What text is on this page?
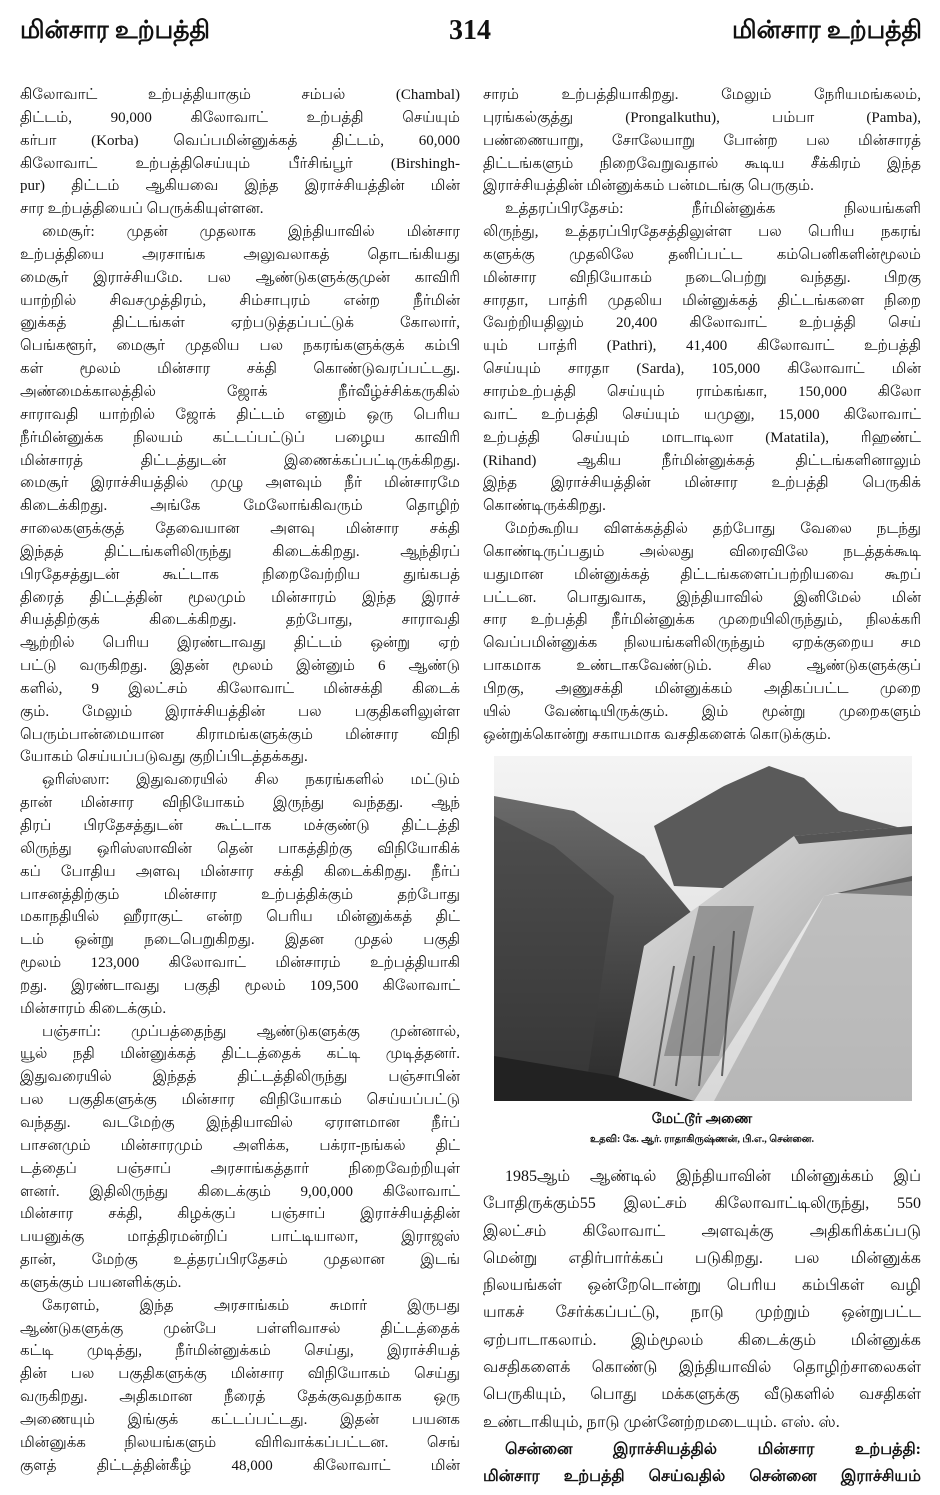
மின்சார உற்பத்தி	314	மின்சார உற்பத்தி
கிலோவாட் உற்பத்தியாகும் சம்பல் (Chambal)
திட்டம், 90,000 கிலோவாட் உற்பத்தி செய்யும்
கர்பா (Korba) வெப்பமின்னுக்கத் திட்டம், 60,000
கிலோவாட் உற்பத்திசெய்யும் பீர்சிங்பூர் (Birshingh-
pur) திட்டம் ஆகியவை இந்த இராச்சியத்தின் மின்
சார உற்பத்தியைப் பெருக்கியுள்ளன.
மைசூர்: முதன் முதலாக இந்தியாவில் மின்சார
உற்பத்தியை அரசாங்க அலுவலாகத் தொடங்கியது
மைசூர் இராச்சியமே. பல ஆண்டுகளுக்குமுன் காவிரி
யாற்றில் சிவசமுத்திரம், சிம்சாபுரம் என்ற நீர்மின்
னுக்கத் திட்டங்கள் ஏற்படுத்தப்பட்டுக் கோலார்,
பெங்களூர், மைசூர் முதலிய பல நகரங்களுக்குக் கம்பி
கள் மூலம் மின்சார சக்தி கொண்டுவரப்பட்டது.
அண்மைக்காலத்தில் ஜோக் நீர்வீழ்ச்சிக்கருகில்
சாராவதி யாற்றில் ஜோக் திட்டம் எனும் ஒரு பெரிய
நீர்மின்னுக்க நிலயம் கட்டப்பட்டுப் பழைய காவிரி
மின்சாரத் திட்டத்துடன் இணைக்கப்பட்டிருக்கிறது.
மைசூர் இராச்சியத்தில் முழு அளவும் நீர் மின்சாரமே
கிடைக்கிறது. அங்கே மேலோங்கிவரும் தொழிற்
சாலைகளுக்குத் தேவையான அளவு மின்சார சக்தி
இந்தத் திட்டங்களிலிருந்து கிடைக்கிறது. ஆந்திரப்
பிரதேசத்துடன் கூட்டாக நிறைவேற்றிய துங்கபத்
திரைத் திட்டத்தின் மூலமும் மின்சாரம் இந்த இராச்
சியத்திற்குக் கிடைக்கிறது. தற்போது, சாராவதி
ஆற்றில் பெரிய இரண்டாவது திட்டம் ஒன்று ஏற்
பட்டு வருகிறது. இதன் மூலம் இன்னும் 6 ஆண்டு
களில், 9 இலட்சம் கிலோவாட் மின்சக்தி கிடைக்
கும். மேலும் இராச்சியத்தின் பல பகுதிகளிலுள்ள
பெரும்பான்மையான கிராமங்களுக்கும் மின்சார விநி
யோகம் செய்யப்படுவது குறிப்பிடத்தக்கது.
ஒரிஸ்ஸா: இதுவரையில் சில நகரங்களில் மட்டும்
தான் மின்சார விநியோகம் இருந்து வந்தது. ஆந்
திரப் பிரதேசத்துடன் கூட்டாக மச்குண்டு திட்டத்தி
லிருந்து ஒரிஸ்ஸாவின் தென் பாகத்திற்கு விநியோகிக்
கப் போதிய அளவு மின்சார சக்தி கிடைக்கிறது. நீர்ப்
பாசனத்திற்கும் மின்சார உற்பத்திக்கும் தற்போது
மகாநதியில் ஹீராகுட் என்ற பெரிய மின்னுக்கத் திட்
டம் ஒன்று நடைபெறுகிறது. இதன முதல் பகுதி
மூலம் 123,000 கிலோவாட் மின்சாரம் உற்பத்தியாகி
றது. இரண்டாவது பகுதி மூலம் 109,500 கிலோவாட்
மின்சாரம் கிடைக்கும்.
பஞ்சாப்: முப்பத்தைந்து ஆண்டுகளுக்கு முன்னால்,
யூல் நதி மின்னுக்கத் திட்டத்தைக் கட்டி முடித்தனர்.
இதுவரையில் இந்தத் திட்டத்திலிருந்து பஞ்சாபின்
பல பகுதிகளுக்கு மின்சார விநியோகம் செய்யப்பட்டு
வந்தது. வடமேற்கு இந்தியாவில் ஏராளமான நீர்ப்
பாசனமும் மின்சாரமும் அளிக்க, பக்ரா-நங்கல் திட்
டத்தைப் பஞ்சாப் அரசாங்கத்தார் நிறைவேற்றியுள்
ளனர். இதிலிருந்து கிடைக்கும் 9,00,000 கிலோவாட்
மின்சார சக்தி, கிழக்குப் பஞ்சாப் இராச்சியத்தின்
பயனுக்கு மாத்திரமன்றிப் பாட்டியாலா, இராஜஸ்
தான், மேற்கு உத்தரப்பிரதேசம் முதலான இடங்
களுக்கும் பயனளிக்கும்.
கேரளம், இந்த அரசாங்கம் சுமார் இருபது
ஆண்டுகளுக்கு முன்பே பள்ளிவாசல் திட்டத்தைக்
கட்டி முடித்து, நீர்மின்னுக்கம் செய்து, இராச்சியத்
தின் பல பகுதிகளுக்கு மின்சார விநியோகம் செய்து
வருகிறது. அதிகமான நீரைத் தேக்குவதற்காக ஒரு
அணையும் இங்குக் கட்டப்பட்டது. இதன் பயனக
மின்னுக்க நிலயங்களும் விரிவாக்கப்பட்டன. செங்
குளத் திட்டத்தின்கீழ் 48,000 கிலோவாட் மின்
சாரம் உற்பத்தியாகிறது. மேலும் நேரியமங்கலம்,
புரங்கல்குத்து (Prongalkuthu), பம்பா (Pamba),
பண்ணையாறு, சோலேயாறு போன்ற பல மின்சாரத்
திட்டங்களும் நிறைவேறுவதால் கூடிய சீக்கிரம் இந்த
இராச்சியத்தின் மின்னுக்கம் பன்மடங்கு பெருகும்.
உத்தரப்பிரதேசம்: நீர்மின்னுக்க நிலயங்களி
லிருந்து, உத்தரப்பிரதேசத்திலுள்ள பல பெரிய நகரங்
களுக்கு முதலிலே தனிப்பட்ட கம்பெனிகளின்மூலம்
மின்சார விநியோகம் நடைபெற்று வந்தது. பிறகு
சாரதா, பாத்ரி முதலிய மின்னுக்கத் திட்டங்களை நிறை
வேற்றியதிலும் 20,400 கிலோவாட் உற்பத்தி செய்
யும் பாத்ரி (Pathri), 41,400 கிலோவாட் உற்பத்தி
செய்யும் சாரதா (Sarda), 105,000 கிலோவாட் மின்
சாரம்உற்பத்தி செய்யும் ராம்கங்கா, 150,000 கிலோ
வாட் உற்பத்தி செய்யும் யமுனு, 15,000 கிலோவாட்
உற்பத்தி செய்யும் மாடாடிலா (Matatila), ரிஹண்ட்
(Rihand) ஆகிய நீர்மின்னுக்கத் திட்டங்களினாலும்
இந்த இராச்சியத்தின் மின்சார உற்பத்தி பெருகிக்
கொண்டிருக்கிறது.
மேற்கூறிய விளக்கத்தில் தற்போது வேலை நடந்து
கொண்டிருப்பதும் அல்லது விரைவிலே நடத்தக்கூடி
யதுமான மின்னுக்கத் திட்டங்களைப்பற்றியவை கூறப்
பட்டன. பொதுவாக, இந்தியாவில் இனிமேல் மின்
சார உற்பத்தி நீர்மின்னுக்க முறையிலிருந்தும், நிலக்கரி
வெப்பமின்னுக்க நிலயங்களிலிருந்தும் ஏறக்குறைய சம
பாகமாக உண்டாகவேண்டும். சில ஆண்டுகளுக்குப்
பிறகு, அணுசக்தி மின்னுக்கம் அதிகப்பட்ட முறை
யில் வேண்டியிருக்கும். இம் மூன்று முறைகளும்
ஒன்றுக்கொன்று சகாயமாக வசதிகளைக் கொடுக்கும்.
மேட்டூர் அணை
உதவி: கே. ஆர். ராதாகிருஷ்ணன், பி.எ., சென்னை.
1985ஆம் ஆண்டில் இந்தியாவின் மின்னுக்கம் இப்
போதிருக்கும்55 இலட்சம் கிலோவாட்டிலிருந்து, 550
இலட்சம் கிலோவாட் அளவுக்கு அதிகரிக்கப்படு
மென்று எதிர்பார்க்கப் படுகிறது. பல மின்னுக்க
நிலயங்கள் ஒன்றேடொன்று பெரிய கம்பிகள் வழி
யாகச் சேர்க்கப்பட்டு, நாடு முற்றும் ஒன்றுபட்ட
ஏற்பாடாகலாம். இம்மூலம் கிடைக்கும் மின்னுக்க
வசதிகளைக் கொண்டு இந்தியாவில் தொழிற்சாலைகள்
பெருகியும், பொது மக்களுக்கு வீடுகளில் வசதிகள்
உண்டாகியும், நாடு முன்னேற்றமடையும். எஸ். ஸ்.
சென்னை இராச்சியத்தில் மின்சார உற்பத்தி:
மின்சார உற்பத்தி செய்வதில் சென்னை இராச்சியம்
